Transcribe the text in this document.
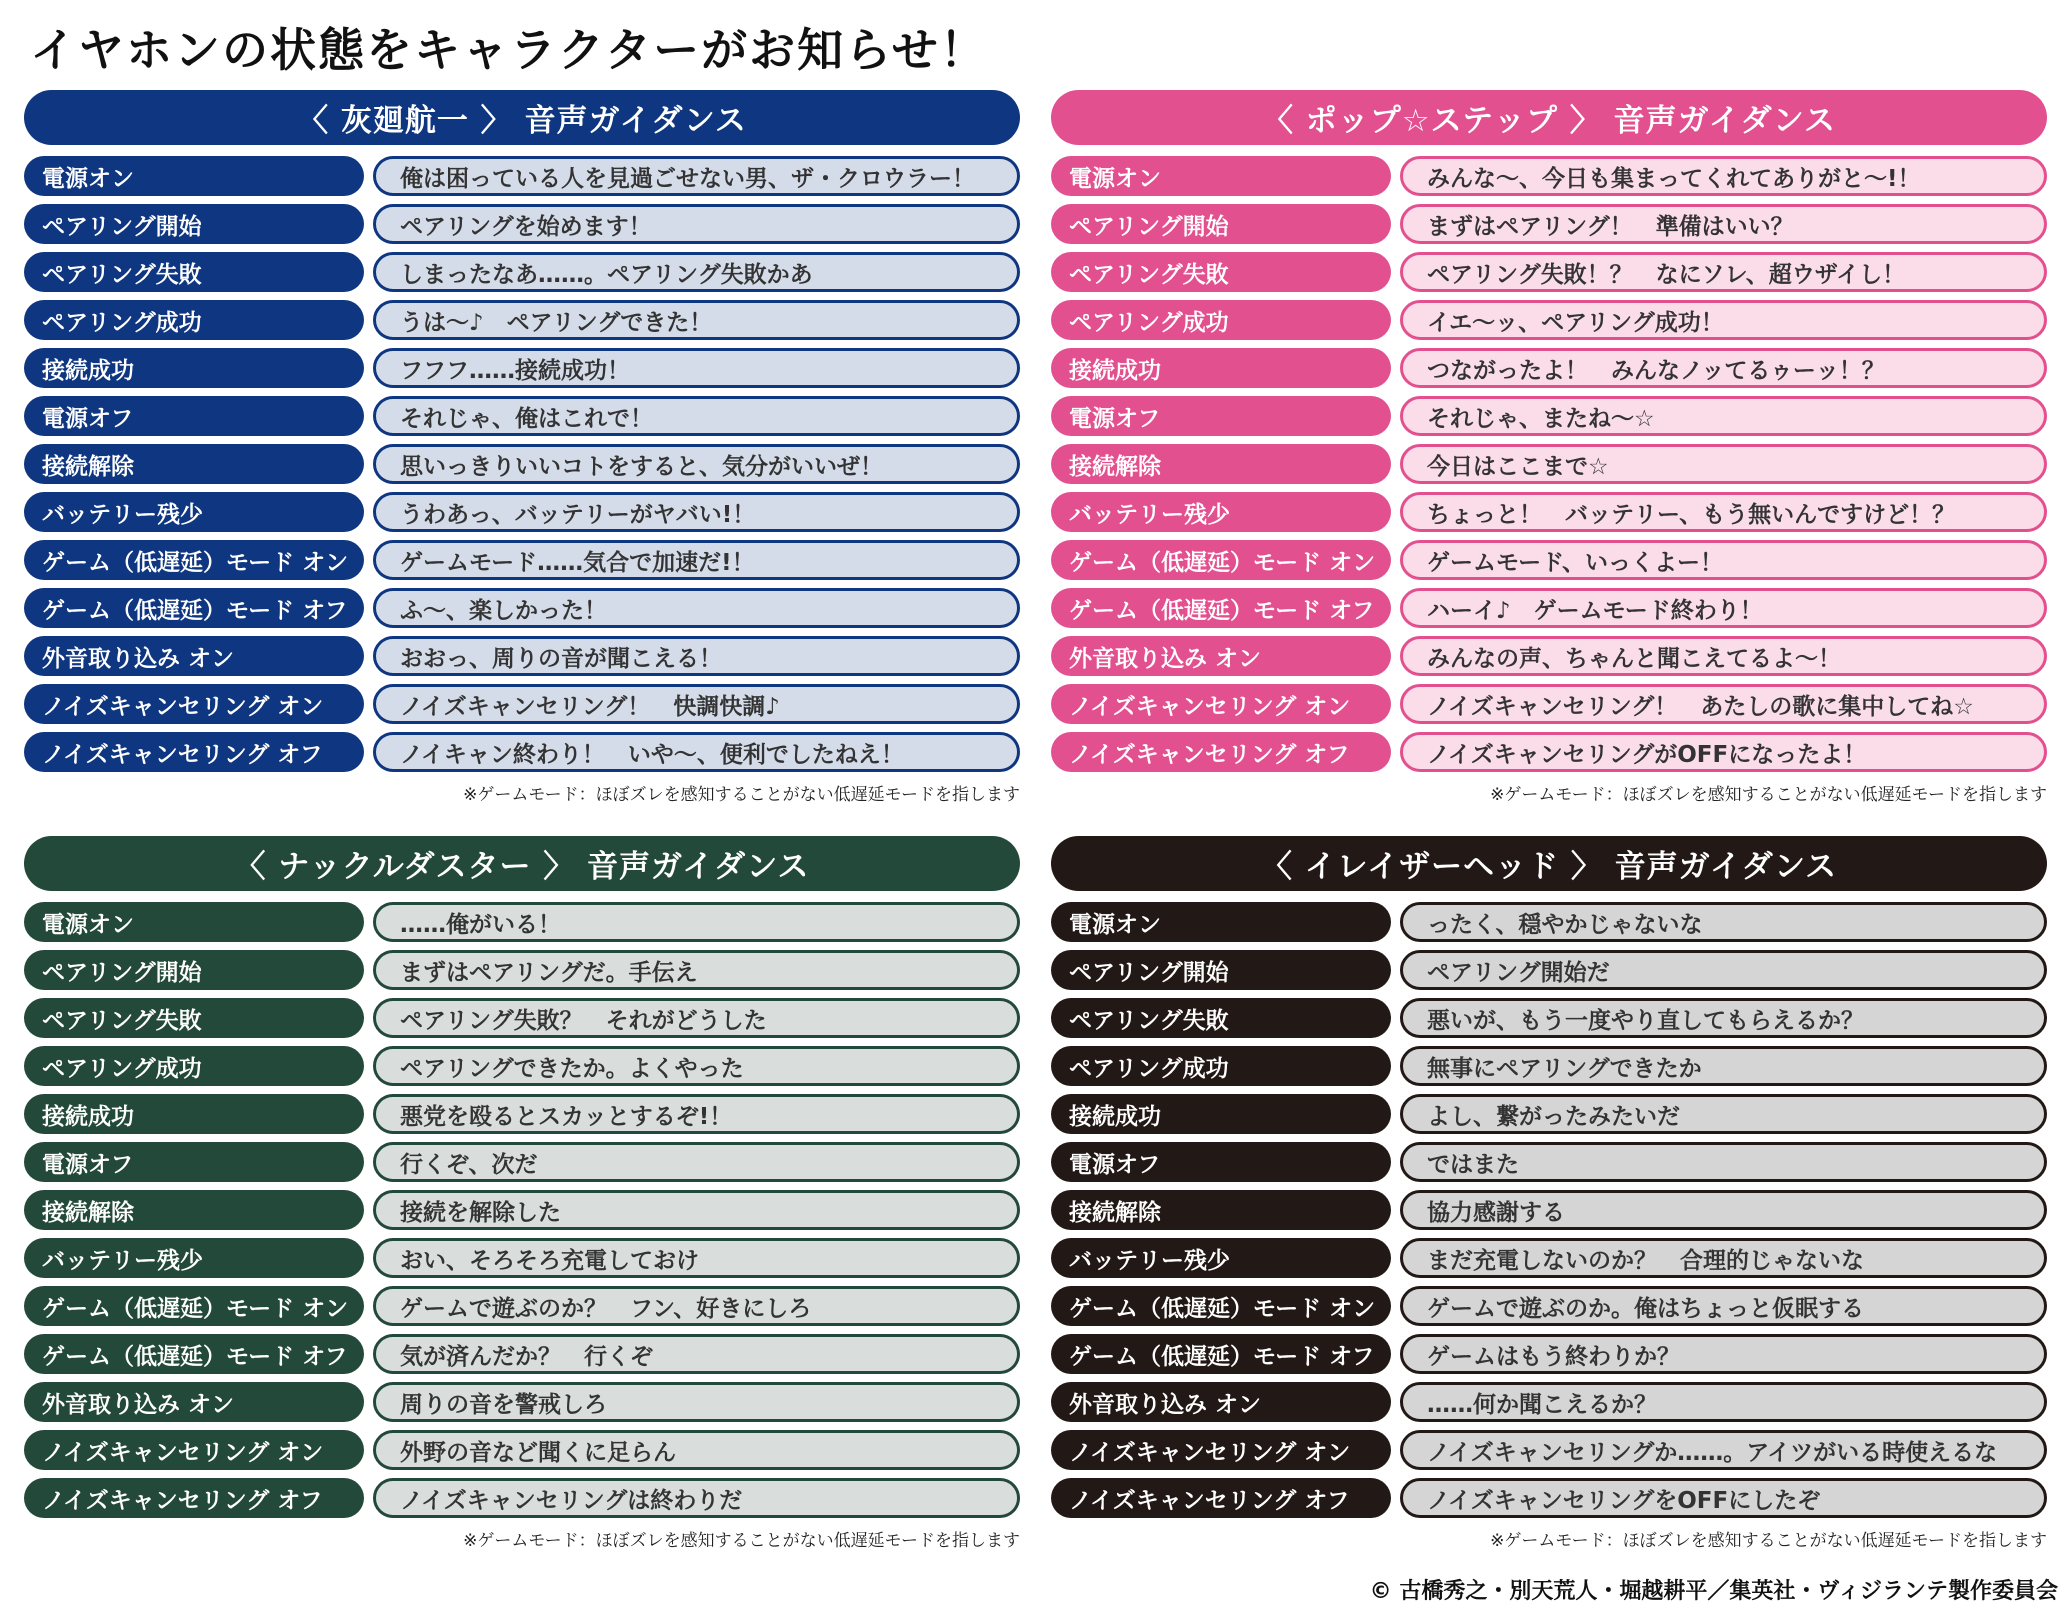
イヤホンの状態をキャラクターがお知らせ！
〈 灰廻航一 〉 音声ガイダンス
電源オン	俺は困っている人を見過ごせない男、ザ・クロウラー！
ペアリング開始	ペアリングを始めます！
ペアリング失敗	しまったなあ……。ペアリング失敗かあ
ペアリング成功	うは～♪　ペアリングできた！
接続成功	フフフ……接続成功！
電源オフ	それじゃ、俺はこれで！
接続解除	思いっきりいいコトをすると、気分がいいぜ！
バッテリー残少	うわあっ、バッテリーがヤバい!！
ゲーム（低遅延）モード オン	ゲームモード……気合で加速だ!！
ゲーム（低遅延）モード オフ	ふ～、楽しかった！
外音取り込み オン	おおっ、周りの音が聞こえる！
ノイズキャンセリング オン	ノイズキャンセリング！　快調快調♪
ノイズキャンセリング オフ	ノイキャン終わり！　いや～、便利でしたねえ！
※ゲームモード：ほぼズレを感知することがない低遅延モードを指します
〈 ポップ☆ステップ 〉 音声ガイダンス
電源オン	みんな～、今日も集まってくれてありがと～!！
ペアリング開始	まずはペアリング！　準備はいい？
ペアリング失敗	ペアリング失敗！？　なにソレ、超ウザイし！
ペアリング成功	イエ～ッ、ペアリング成功！
接続成功	つながったよ！　みんなノッてるゥーッ！？
電源オフ	それじゃ、またね～☆
接続解除	今日はここまで☆
バッテリー残少	ちょっと！　バッテリー、もう無いんですけど！？
ゲーム（低遅延）モード オン	ゲームモード、いっくよー！
ゲーム（低遅延）モード オフ	ハーイ♪　ゲームモード終わり！
外音取り込み オン	みんなの声、ちゃんと聞こえてるよ～！
ノイズキャンセリング オン	ノイズキャンセリング！　あたしの歌に集中してね☆
ノイズキャンセリング オフ	ノイズキャンセリングがOFFになったよ！
※ゲームモード：ほぼズレを感知することがない低遅延モードを指します
〈 ナックルダスター 〉 音声ガイダンス
電源オン	……俺がいる！
ペアリング開始	まずはペアリングだ。手伝え
ペアリング失敗	ペアリング失敗？　それがどうした
ペアリング成功	ペアリングできたか。よくやった
接続成功	悪党を殴るとスカッとするぞ!！
電源オフ	行くぞ、次だ
接続解除	接続を解除した
バッテリー残少	おい、そろそろ充電しておけ
ゲーム（低遅延）モード オン	ゲームで遊ぶのか？　フン、好きにしろ
ゲーム（低遅延）モード オフ	気が済んだか？　行くぞ
外音取り込み オン	周りの音を警戒しろ
ノイズキャンセリング オン	外野の音など聞くに足らん
ノイズキャンセリング オフ	ノイズキャンセリングは終わりだ
※ゲームモード：ほぼズレを感知することがない低遅延モードを指します
〈 イレイザーヘッド 〉 音声ガイダンス
電源オン	ったく、穏やかじゃないな
ペアリング開始	ペアリング開始だ
ペアリング失敗	悪いが、もう一度やり直してもらえるか？
ペアリング成功	無事にペアリングできたか
接続成功	よし、繋がったみたいだ
電源オフ	ではまた
接続解除	協力感謝する
バッテリー残少	まだ充電しないのか？　合理的じゃないな
ゲーム（低遅延）モード オン	ゲームで遊ぶのか。俺はちょっと仮眠する
ゲーム（低遅延）モード オフ	ゲームはもう終わりか？
外音取り込み オン	……何か聞こえるか？
ノイズキャンセリング オン	ノイズキャンセリングか……。アイツがいる時使えるな
ノイズキャンセリング オフ	ノイズキャンセリングをOFFにしたぞ
※ゲームモード：ほぼズレを感知することがない低遅延モードを指します
© 古橋秀之・別天荒人・堀越耕平／集英社・ヴィジランテ製作委員会
